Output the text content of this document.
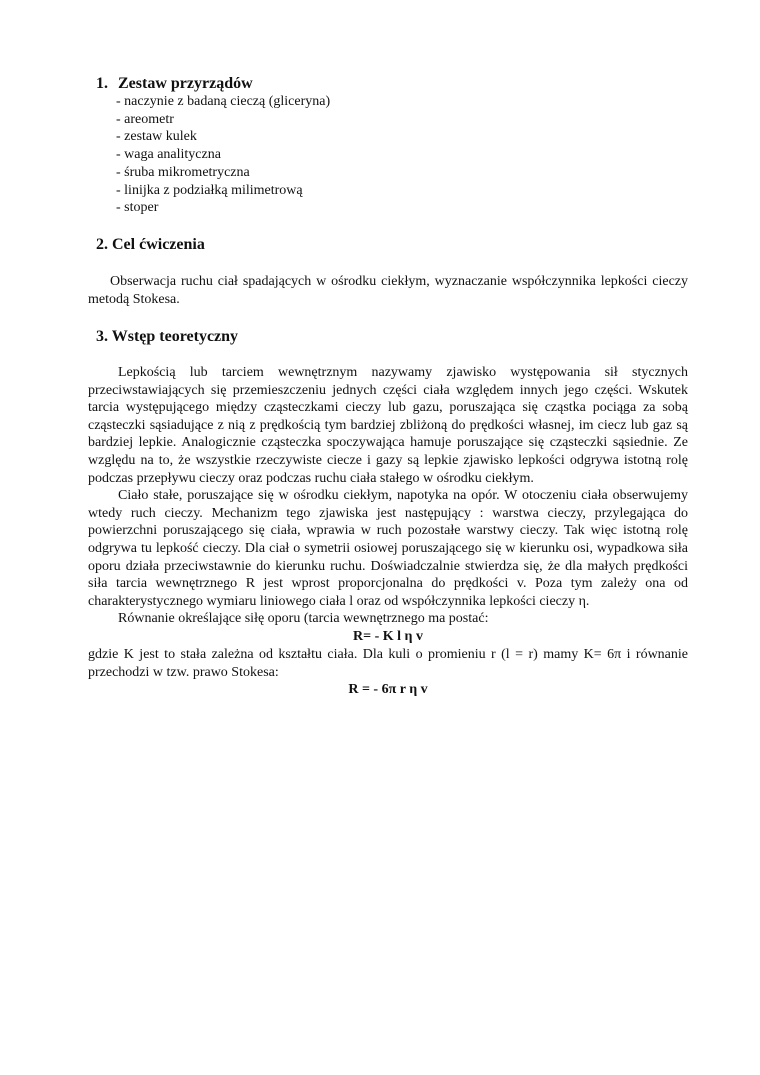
1. Zestaw przyrządów
- naczynie z badaną cieczą (gliceryna)
- areometr
- zestaw kulek
- waga analityczna
- śruba mikrometryczna
- linijka z podziałką milimetrową
- stoper
2. Cel ćwiczenia

Obserwacja ruchu ciał spadających w ośrodku ciekłym, wyznaczanie współczynnika lepkości cieczy metodą Stokesa.

3. Wstęp teoretyczny

Lepkością lub tarciem wewnętrznym nazywamy zjawisko występowania sił stycznych przeciwstawiających się przemieszczeniu jednych części ciała względem innych jego części. Wskutek tarcia występującego między cząsteczkami cieczy lub gazu, poruszająca się cząstka pociąga za sobą cząsteczki sąsiadujące z nią z prędkością tym bardziej zbliżoną do prędkości własnej, im ciecz lub gaz są bardziej lepkie. Analogicznie cząsteczka spoczywająca hamuje poruszające się cząsteczki sąsiednie. Ze względu na to, że wszystkie rzeczywiste ciecze i gazy są lepkie zjawisko lepkości odgrywa istotną rolę podczas przepływu cieczy oraz podczas ruchu ciała stałego w ośrodku ciekłym.

Ciało stałe, poruszające się w ośrodku ciekłym, napotyka na opór. W otoczeniu ciała obserwujemy wtedy ruch cieczy. Mechanizm tego zjawiska jest następujący : warstwa cieczy, przylegająca do powierzchni poruszającego się ciała, wprawia w ruch pozostałe warstwy cieczy. Tak więc istotną rolę odgrywa tu lepkość cieczy. Dla ciał o symetrii osiowej poruszającego się w kierunku osi, wypadkowa siła oporu działa przeciwstawnie do kierunku ruchu. Doświadczalnie stwierdza się, że dla małych prędkości siła tarcia wewnętrznego R jest wprost proporcjonalna do prędkości v. Poza tym zależy ona od charakterystycznego wymiaru liniowego ciała l oraz od współczynnika lepkości cieczy η.

Równanie określające siłę oporu (tarcia wewnętrznego ma postać:

R= - K l η v

gdzie K jest to stała zależna od kształtu ciała. Dla kuli o promieniu r (l = r) mamy K= 6π i równanie przechodzi w tzw. prawo Stokesa:

R = - 6π r η v
